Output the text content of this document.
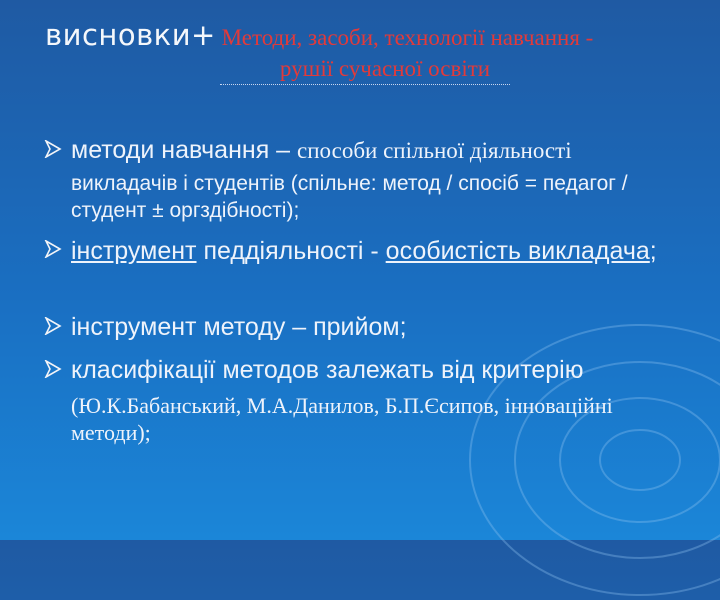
висновки+ Методи, засоби, технології навчання -
рушії сучасної освіти
методи навчання – способи спільної діяльності
викладачів і студентів (спільне: метод / спосіб = педагог / студент ± оргздібності);
інструмент педдіяльності - особистість викладача;
інструмент методу – прийом;
класифікації методов залежать від критерію
(Ю.К.Бабанський, М.А.Данилов, Б.П.Єсипов, інноваційні методи);
